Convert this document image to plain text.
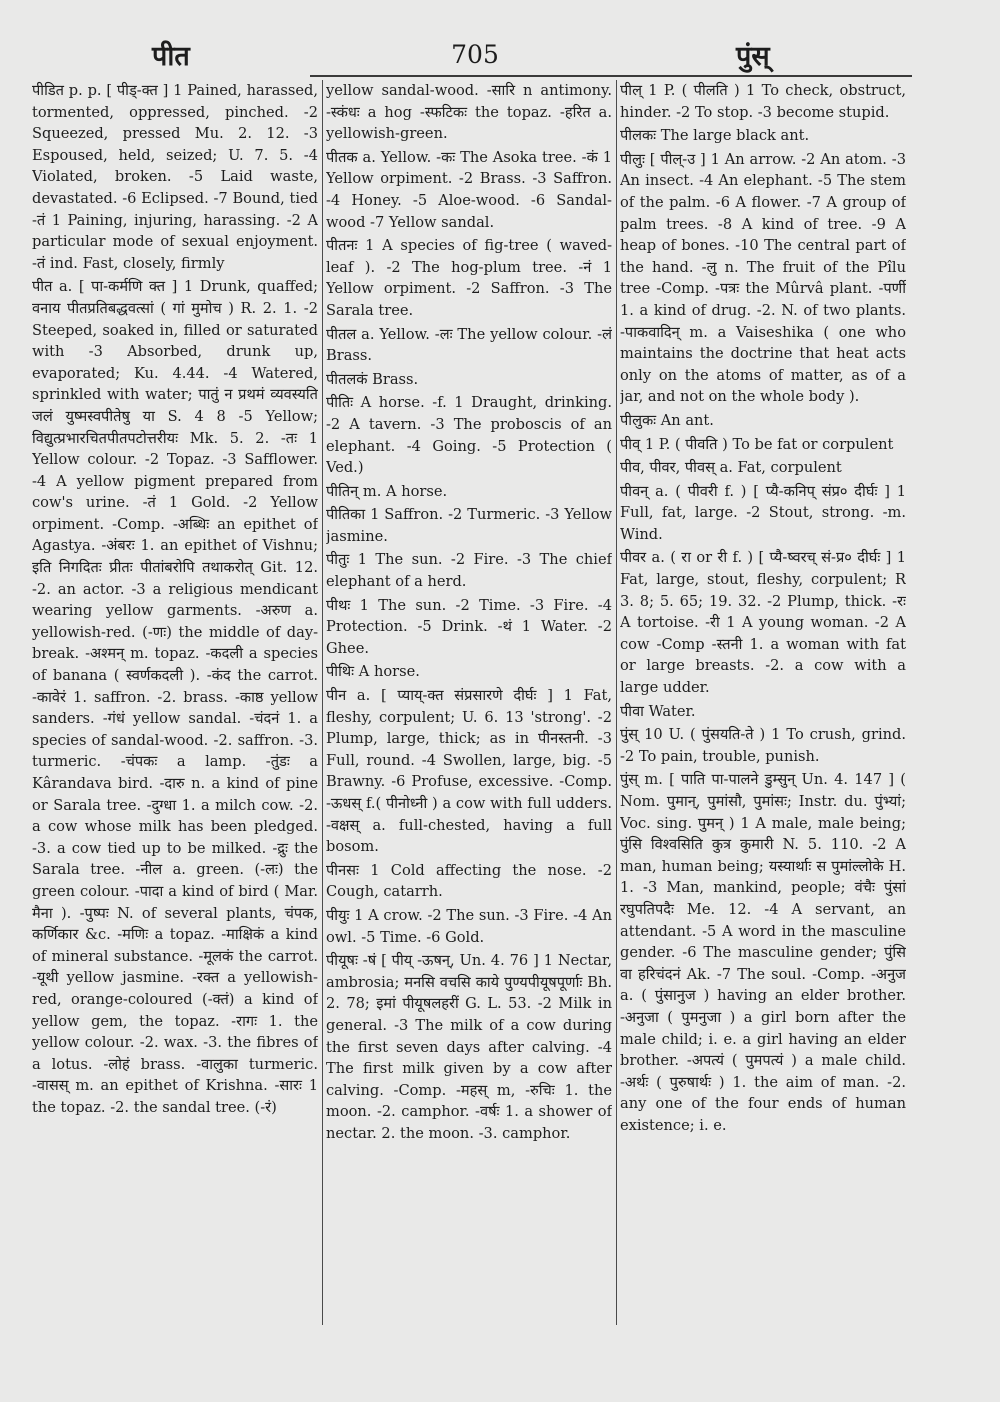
पीत	705	पुंस्

पीडित p. p. [ पीड्-क्त ] 1 Pained, harassed, tormented, oppressed, pinched. -2 Squeezed, pressed Mu. 2. 12. -3 Espoused, held, seized; U. 7. 5. -4 Violated, broken. -5 Laid waste, devastated. -6 Eclipsed. -7 Bound, tied -तं 1 Paining, injuring, harassing. -2 A particular mode of sexual enjoyment. -तं ind. Fast, closely, firmly

पीत a. [ पा-कर्मणि क्त ] 1 Drunk, quaffed; वनाय पीतप्रतिबद्धवत्सां ( गां मुमोच ) R. 2. 1. -2 Steeped, soaked in, filled or saturated with -3 Absorbed, drunk up, evaporated; Ku. 4.44. -4 Watered, sprinkled with water; पातुं न प्रथमं व्यवस्यति जलं युष्मस्वपीतेषु या S. 4 8 -5 Yellow; विद्युत्प्रभारचितपीतपटोत्तरीयः Mk. 5. 2. -तः 1 Yellow colour. -2 Topaz. -3 Safflower. -4 A yellow pigment prepared from cow's urine. -तं 1 Gold. -2 Yellow orpiment. -Comp. -अब्धिः an epithet of Agastya. -अंबरः 1. an epithet of Vishnu; इति निगदितः प्रीतः पीतांबरोपि तथाकरोत् Git. 12. -2. an actor. -3 a religious mendicant wearing yellow garments. -अरुण a. yellowish-red. (-णः) the middle of day-break. -अश्मन् m. topaz. -कदली a species of banana ( स्वर्णकदली ). -कंद the carrot. -कावेरं 1. saffron. -2. brass. -काष्ठ yellow sanders. -गंधं yellow sandal. -चंदनं 1. a species of sandal-wood. -2. saffron. -3. turmeric. -चंपकः a lamp. -तुंडः a Kârandava bird. -दारु n. a kind of pine or Sarala tree. -दुग्धा 1. a milch cow. -2. a cow whose milk has been pledged. -3. a cow tied up to be milked. -द्रुः the Sarala tree. -नील a. green. (-लः) the green colour. -पादा a kind of bird ( Mar. मैना ). -पुष्पः N. of several plants, चंपक, कर्णिकार &c. -मणिः a topaz. -माक्षिकं a kind of mineral substance. -मूलकं the carrot. -यूथी yellow jasmine. -रक्त a yellowish-red, orange-coloured (-क्तं) a kind of yellow gem, the topaz. -रागः 1. the yellow colour. -2. wax. -3. the fibres of a lotus. -लोहं brass. -वालुका turmeric. -वासस् m. an epithet of Krishna. -सारः 1 the topaz. -2. the sandal tree. (-रं)

yellow sandal-wood. -सारि n antimony. -स्कंधः a hog -स्फटिकः the topaz. -हरित a. yellowish-green.

पीतक a. Yellow. -कः The Asoka tree. -कं 1 Yellow orpiment. -2 Brass. -3 Saffron. -4 Honey. -5 Aloe-wood. -6 Sandal-wood -7 Yellow sandal.

पीतनः 1 A species of fig-tree ( waved-leaf ). -2 The hog-plum tree. -नं 1 Yellow orpiment. -2 Saffron. -3 The Sarala tree.

पीतल a. Yellow. -लः The yellow colour. -लं Brass.

पीतलकं Brass.

पीतिः A horse. -f. 1 Draught, drinking. -2 A tavern. -3 The proboscis of an elephant. -4 Going. -5 Protection ( Ved.)

पीतिन् m. A horse.

पीतिका 1 Saffron. -2 Turmeric. -3 Yellow jasmine.

पीतुः 1 The sun. -2 Fire. -3 The chief elephant of a herd.

पीथः 1 The sun. -2 Time. -3 Fire. -4 Protection. -5 Drink. -थं 1 Water. -2 Ghee.

पीथिः A horse.

पीन a. [ प्याय्-क्त संप्रसारणे दीर्घः ] 1 Fat, fleshy, corpulent; U. 6. 13 'strong'. -2 Plump, large, thick; as in पीनस्तनी. -3 Full, round. -4 Swollen, large, big. -5 Brawny. -6 Profuse, excessive. -Comp. -ऊधस् f.( पीनोध्नी ) a cow with full udders. -वक्षस् a. full-chested, having a full bosom.

पीनसः 1 Cold affecting the nose. -2 Cough, catarrh.

पीयुः 1 A crow. -2 The sun. -3 Fire. -4 An owl. -5 Time. -6 Gold.

पीयूषः -षं [ पीय् -ऊषन्, Un. 4. 76 ] 1 Nectar, ambrosia; मनसि वचसि काये पुण्यपीयूषपूर्णाः Bh. 2. 78; इमां पीयूषलहरीं G. L. 53. -2 Milk in general. -3 The milk of a cow during the first seven days after calving. -4 The first milk given by a cow after calving. -Comp. -महस् m, -रुचिः 1. the moon. -2. camphor. -वर्षः 1. a shower of nectar. 2. the moon. -3. camphor.

पील् 1 P. ( पीलति ) 1 To check, obstruct, hinder. -2 To stop. -3 become stupid.

पीलकः The large black ant.

पीलुः [ पील्-उ ] 1 An arrow. -2 An atom. -3 An insect. -4 An elephant. -5 The stem of the palm. -6 A flower. -7 A group of palm trees. -8 A kind of tree. -9 A heap of bones. -10 The central part of the hand. -लु n. The fruit of the Pîlu tree -Comp. -पत्रः the Mûrvâ plant. -पर्णी 1. a kind of drug. -2. N. of two plants. -पाकवादिन् m. a Vaiseshika ( one who maintains the doctrine that heat acts only on the atoms of matter, as of a jar, and not on the whole body ).

पीलुकः An ant.

पीव् 1 P. ( पीवति ) To be fat or corpulent

पीव, पीवर, पीवस् a. Fat, corpulent

पीवन् a. ( पीवरी f. ) [ प्यै-कनिप् संप्र० दीर्घः ] 1 Full, fat, large. -2 Stout, strong. -m. Wind.

पीवर a. ( रा or री f. ) [ प्यै-ष्वरच् सं-प्र० दीर्घः ] 1 Fat, large, stout, fleshy, corpulent; R 3. 8; 5. 65; 19. 32. -2 Plump, thick. -रः A tortoise. -री 1 A young woman. -2 A cow -Comp -स्तनी 1. a woman with fat or large breasts. -2. a cow with a large udder.

पीवा Water.

पुंस् 10 U. ( पुंसयति-ते ) 1 To crush, grind. -2 To pain, trouble, punish.

पुंस् m. [ पाति पा-पालने डुम्सुन् Un. 4. 147 ] ( Nom. पुमान्, पुमांसौ, पुमांसः; Instr. du. पुंभ्यां; Voc. sing. पुमन् ) 1 A male, male being; पुंसि विश्वसिति कुत्र कुमारी N. 5. 110. -2 A man, human being; यस्यार्थाः स पुमांल्लोके H. 1. -3 Man, mankind, people; वंचैः पुंसां रघुपतिपदैः Me. 12. -4 A servant, an attendant. -5 A word in the masculine gender. -6 The masculine gender; पुंसि वा हरिचंदनं Ak. -7 The soul. -Comp. -अनुज a. ( पुंसानुज ) having an elder brother. -अनुजा ( पुमनुजा ) a girl born after the male child; i. e. a girl having an elder brother. -अपत्यं ( पुमपत्यं ) a male child. -अर्थः ( पुरुषार्थः ) 1. the aim of man. -2. any one of the four ends of human existence; i. e.
